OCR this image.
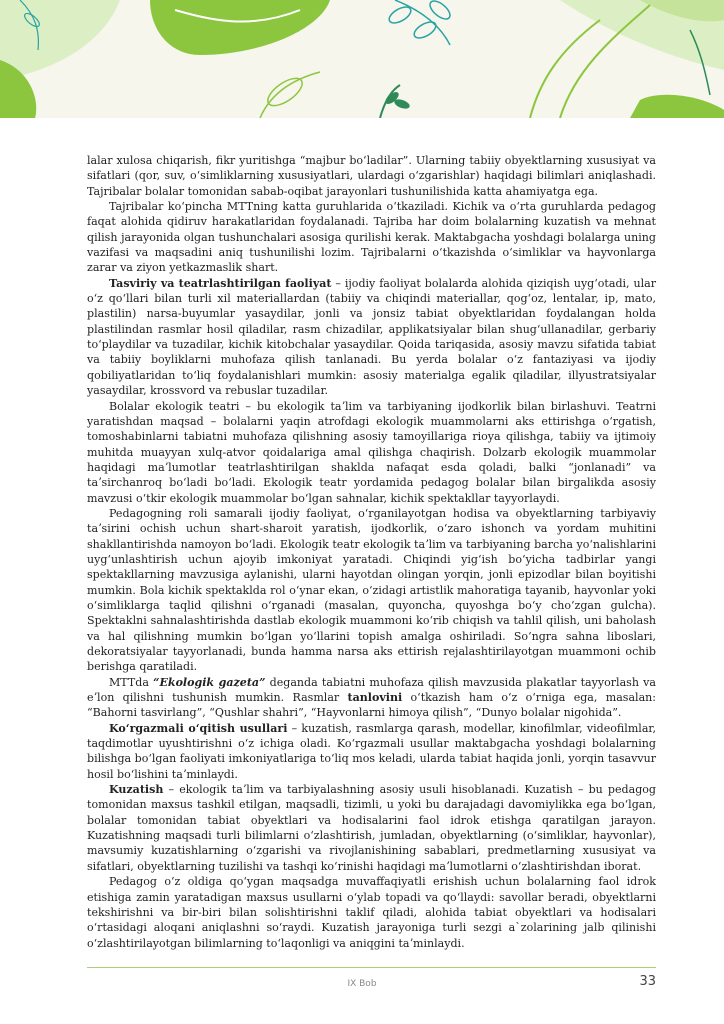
lalar xulosa chiqarish, fikr yuritishga “majbur boʻladilar”. Ularning tabiiy obyektlarning xususiyat va sifatlari (qor, suv, oʻsimliklarning xususiyatlari, ulardagi oʻzgarishlar) haqidagi bilimlari aniqlashadi. Tajribalar bolalar tomonidan sabab-oqibat jarayonlari tushunilishida katta ahamiyatga ega.

Tajribalar koʻpincha MTTning katta guruhlarida oʻtkaziladi. Kichik va oʻrta guruhlarda pedagog faqat alohida qidiruv harakatlaridan foydalanadi. Tajriba har doim bolalarning kuzatish va mehnat qilish jarayonida olgan tushunchalari asosiga qurilishi kerak. Maktabgacha yoshdagi bolalarga uning vazifasi va maqsadini aniq tushunilishi lozim. Tajribalarni oʻtkazishda oʻsimliklar va hayvonlarga zarar va ziyon yetkazmaslik shart.

Tasviriy va teatrlashtirilgan faoliyat – ijodiy faoliyat bolalarda alohida qiziqish uygʻotadi, ular oʻz qoʻllari bilan turli xil materiallardan (tabiiy va chiqindi materiallar, qogʻoz, lentalar, ip, mato, plastilin) narsa-buyumlar yasaydilar, jonli va jonsiz tabiat obyektlaridan foydalangan holda plastilindan rasmlar hosil qiladilar, rasm chizadilar, applikatsiyalar bilan shugʻullanadilar, gerbariy toʻplaydilar va tuzadilar, kichik kitobchalar yasaydilar. Qoida tariqasida, asosiy mavzu sifatida tabiat va tabiiy boyliklarni muhofaza qilish tanlanadi. Bu yerda bolalar oʻz fantaziyasi va ijodiy qobiliyatlaridan toʻliq foydalanishlari mumkin: asosiy materialga egalik qiladilar, illyustratsiyalar yasaydilar, krossvord va rebuslar tuzadilar.

Bolalar ekologik teatri – bu ekologik taʼlim va tarbiyaning ijodkorlik bilan birlashuvi. Teatrni yaratishdan maqsad – bolalarni yaqin atrofdagi ekologik muammolarni aks ettirishga oʻrgatish, tomoshabinlarni tabiatni muhofaza qilishning asosiy tamoyillariga rioya qilishga, tabiiy va ijtimoiy muhitda muayyan xulq-atvor qoidalariga amal qilishga chaqirish. Dolzarb ekologik muammolar haqidagi maʼlumotlar teatrlashtirilgan shaklda nafaqat esda qoladi, balki “jonlanadi” va taʼsirchanroq boʻladi boʻladi. Ekologik teatr yordamida pedagog bolalar bilan birgalikda asosiy mavzusi oʻtkir ekologik muammolar boʻlgan sahnalar, kichik spektakllar tayyorlaydi.

Pedagogning roli samarali ijodiy faoliyat, oʻrganilayotgan hodisa va obyektlarning tarbiyaviy taʼsirini ochish uchun shart-sharoit yaratish, ijodkorlik, oʻzaro ishonch va yordam muhitini shakllantirishda namoyon boʻladi. Ekologik teatr ekologik taʼlim va tarbiyaning barcha yoʻnalishlarini uygʻunlashtirish uchun ajoyib imkoniyat yaratadi. Chiqindi yigʻish boʻyicha tadbirlar yangi spektakllarning mavzusiga aylanishi, ularni hayotdan olingan yorqin, jonli epizodlar bilan boyitishi mumkin. Bola kichik spektaklda rol oʻynar ekan, oʻzidagi artistlik mahoratiga tayanib, hayvonlar yoki oʻsimliklarga taqlid qilishni oʻrganadi (masalan, quyoncha, quyoshga boʻy choʻzgan gulcha). Spektaklni sahnalashtirishda dastlab ekologik muammoni koʻrib chiqish va tahlil qilish, uni baholash va hal qilishning mumkin boʻlgan yoʻllarini topish amalga oshiriladi. Soʻngra sahna liboslari, dekoratsiyalar tayyorlanadi, bunda hamma narsa aks ettirish rejalashtirilayotgan muammoni ochib berishga qaratiladi.

MTTda “Ekologik gazeta” deganda tabiatni muhofaza qilish mavzusida plakatlar tayyorlash va eʼlon qilishni tushunish mumkin. Rasmlar tanlovini oʻtkazish ham oʻz oʻrniga ega, masalan: “Bahorni tasvirlang”, “Qushlar shahri”, “Hayvonlarni himoya qilish”, “Dunyo bolalar nigohida”.

Koʻrgazmali oʻqitish usullari – kuzatish, rasmlarga qarash, modellar, kinofilmlar, videofilmlar, taqdimotlar uyushtirishni oʻz ichiga oladi. Koʻrgazmali usullar maktabgacha yoshdagi bolalarning bilishga boʻlgan faoliyati imkoniyatlariga toʻliq mos keladi, ularda tabiat haqida jonli, yorqin tasavvur hosil boʻlishini taʼminlaydi.

Kuzatish – ekologik taʼlim va tarbiyalashning asosiy usuli hisoblanadi. Kuzatish – bu pedagog tomonidan maxsus tashkil etilgan, maqsadli, tizimli, u yoki bu darajadagi davomiylikka ega boʻlgan, bolalar tomonidan tabiat obyektlari va hodisalarini faol idrok etishga qaratilgan jarayon. Kuzatishning maqsadi turli bilimlarni oʻzlashtirish, jumladan, obyektlarning (oʻsimliklar, hayvonlar), mavsumiy kuzatishlarning oʻzgarishi va rivojlanishining sabablari, predmetlarning xususiyat va sifatlari, obyektlarning tuzilishi va tashqi koʻrinishi haqidagi maʼlumotlarni oʻzlashtirishdan iborat.

Pedagog oʻz oldiga qoʻygan maqsadga muvaffaqiyatli erishish uchun bolalarning faol idrok etishiga zamin yaratadigan maxsus usullarni oʻylab topadi va qoʻllaydi: savollar beradi, obyektlarni tekshirishni va bir-biri bilan solishtirishni taklif qiladi, alohida tabiat obyektlari va hodisalari oʻrtasidagi aloqani aniqlashni soʻraydi. Kuzatish jarayoniga turli sezgi a`zolarining jalb qilinishi oʻzlashtirilayotgan bilimlarning toʻlaqonligi va aniqgini taʼminlaydi.

IX Bob	33
